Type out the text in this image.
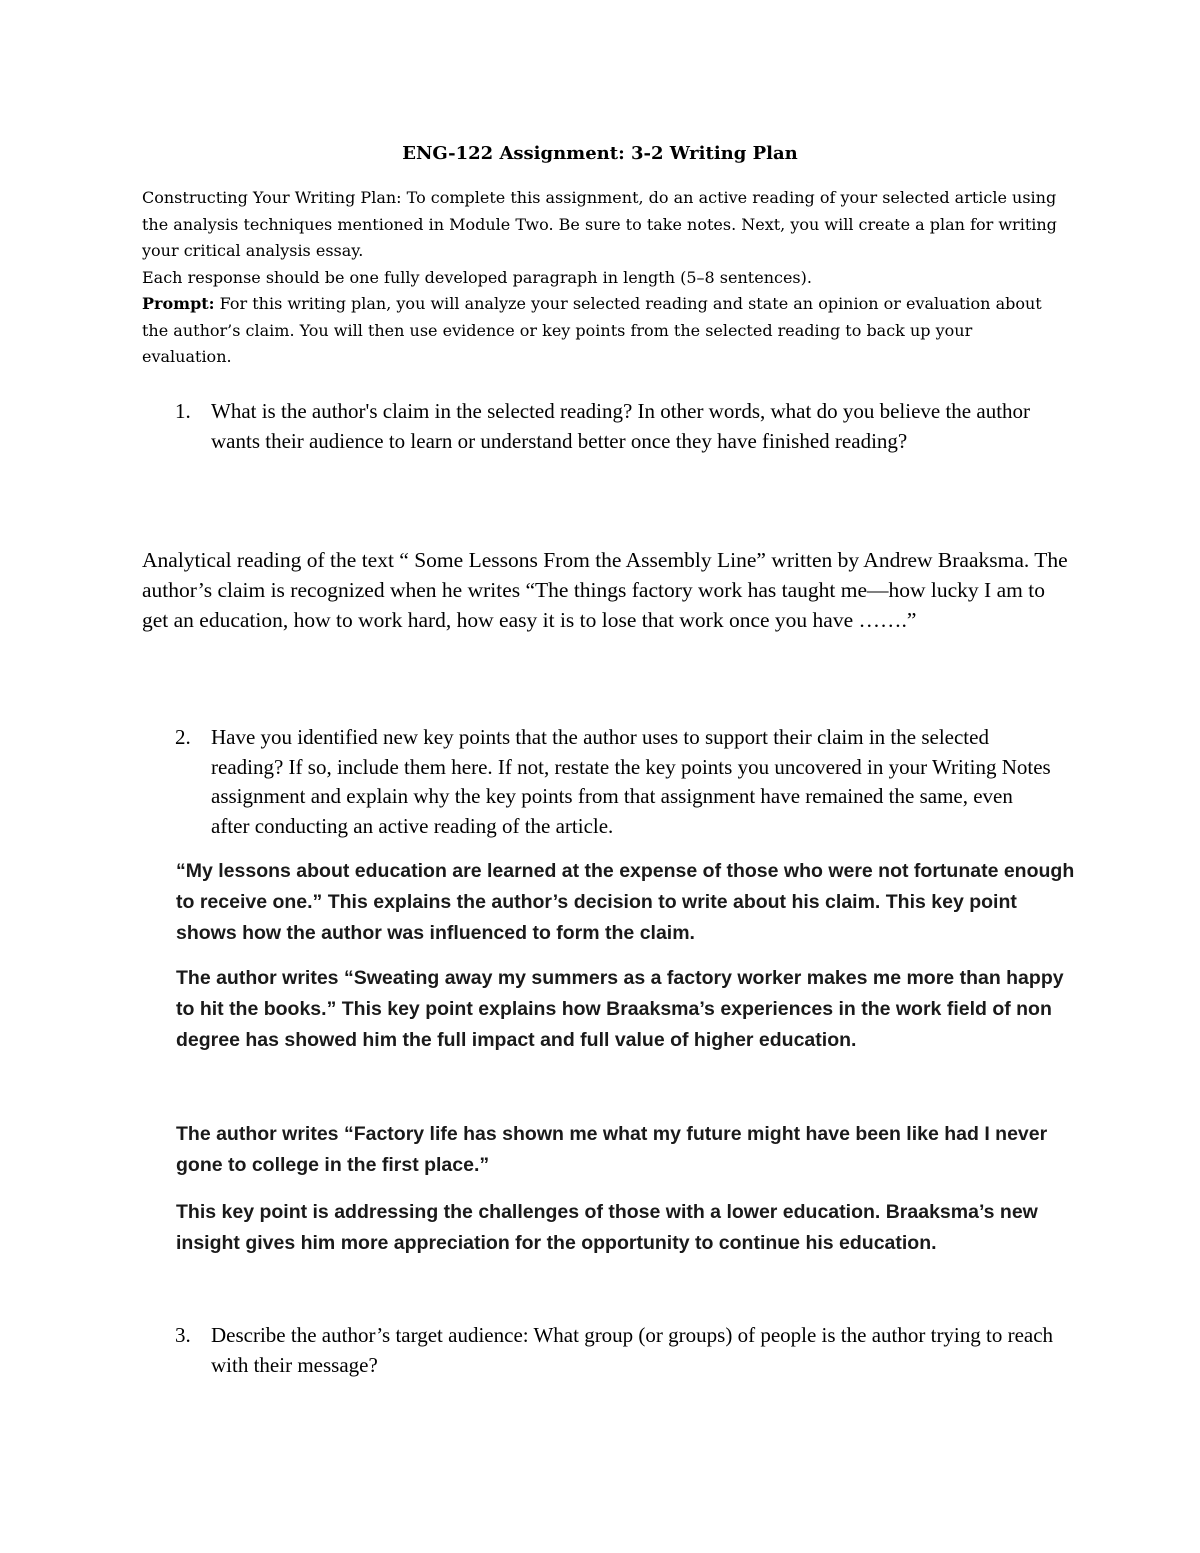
ENG-122 Assignment: 3-2 Writing Plan

Constructing Your Writing Plan: To complete this assignment, do an active reading of your selected article using the analysis techniques mentioned in Module Two. Be sure to take notes. Next, you will create a plan for writing your critical analysis essay.

Each response should be one fully developed paragraph in length (5–8 sentences).

Prompt: For this writing plan, you will analyze your selected reading and state an opinion or evaluation about the author’s claim. You will then use evidence or key points from the selected reading to back up your evaluation.

1. What is the author's claim in the selected reading? In other words, what do you believe the author wants their audience to learn or understand better once they have finished reading?
Analytical reading of the text “ Some Lessons From the Assembly Line” written by Andrew Braaksma. The author’s claim is recognized when he writes “The things factory work has taught me—how lucky I am to get an education, how to work hard, how easy it is to lose that work once you have …….”
2. Have you identified new key points that the author uses to support their claim in the selected reading? If so, include them here. If not, restate the key points you uncovered in your Writing Notes assignment and explain why the key points from that assignment have remained the same, even after conducting an active reading of the article.
“My lessons about education are learned at the expense of those who were not fortunate enough to receive one.” This explains the author’s decision to write about his claim. This key point shows how the author was influenced to form the claim.
The author writes “Sweating away my summers as a factory worker makes me more than happy to hit the books.” This key point explains how Braaksma’s experiences in the work field of non degree has showed him the full impact and full value of higher education.
The author writes “Factory life has shown me what my future might have been like had I never gone to college in the first place.”
This key point is addressing the challenges of those with a lower education. Braaksma’s new insight gives him more appreciation for the opportunity to continue his education.
3. Describe the author’s target audience: What group (or groups) of people is the author trying to reach with their message?
